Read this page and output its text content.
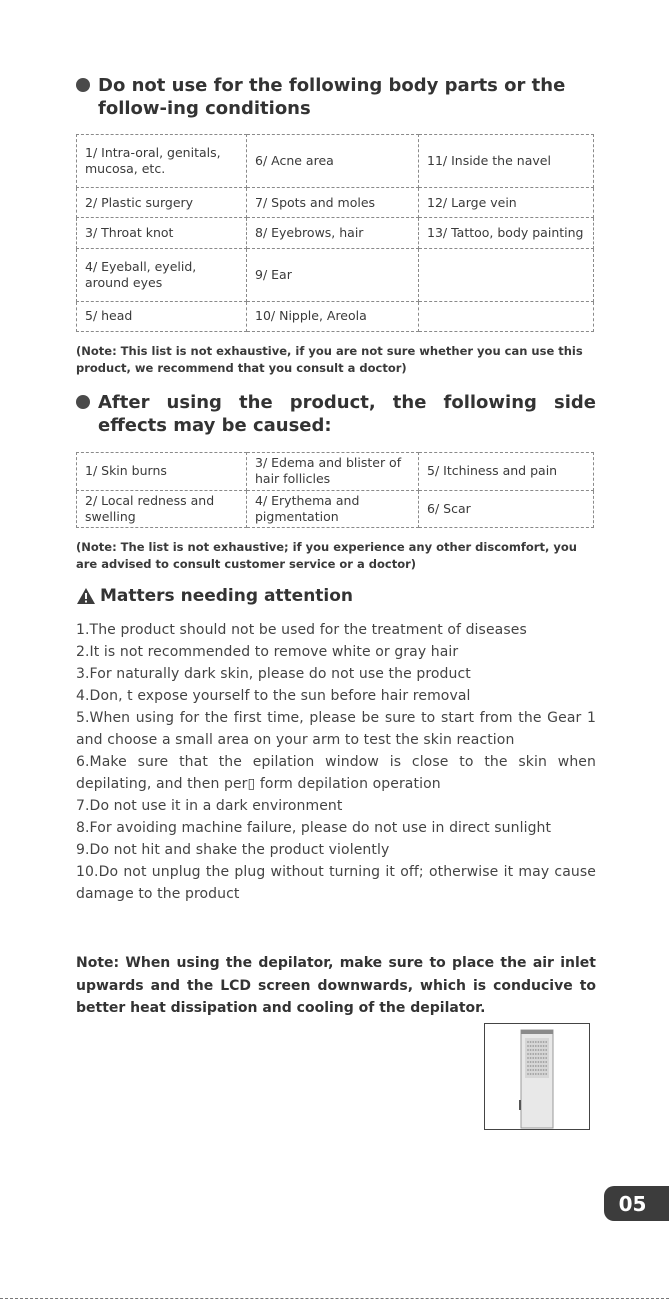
Do not use for the following body parts or the follow-ing conditions
1/ Intra-oral, genitals, mucosa, etc.	6/ Acne area	11/ Inside the navel
2/ Plastic surgery	7/ Spots and moles	12/ Large vein
3/ Throat knot	8/ Eyebrows, hair	13/ Tattoo, body painting
4/ Eyeball, eyelid, around eyes	9/ Ear	
5/ head	10/ Nipple, Areola	
(Note: This list is not exhaustive, if you are not sure whether you can use this product, we recommend that you consult a doctor)
After using the product, the following side effects may be caused:
1/ Skin burns	3/ Edema and blister of hair follicles	5/ Itchiness and pain
2/ Local redness and swelling	4/ Erythema and pigmentation	6/ Scar
(Note: The list is not exhaustive; if you experience any other discomfort, you are advised to consult customer service or a doctor)
Matters needing attention
1.The product should not be used for the treatment of diseases
2.It is not recommended to remove white or gray hair
3.For naturally dark skin, please do not use the product
4.Don, t expose yourself to the sun before hair removal
5.When using for the first time, please be sure to start from the Gear 1 and choose a small area on your arm to test the skin reaction
6.Make sure that the epilation window is close to the skin when depilating, and then per▯ form depilation operation
7.Do not use it in a dark environment
8.For avoiding machine failure, please do not use in direct sunlight
9.Do not hit and shake the product violently
10.Do not unplug the plug without turning it off; otherwise it may cause damage to the product
Note: When using the depilator, make sure to place the air inlet upwards and the LCD screen downwards, which is conducive to better heat dissipation and cooling of the depilator.
05
